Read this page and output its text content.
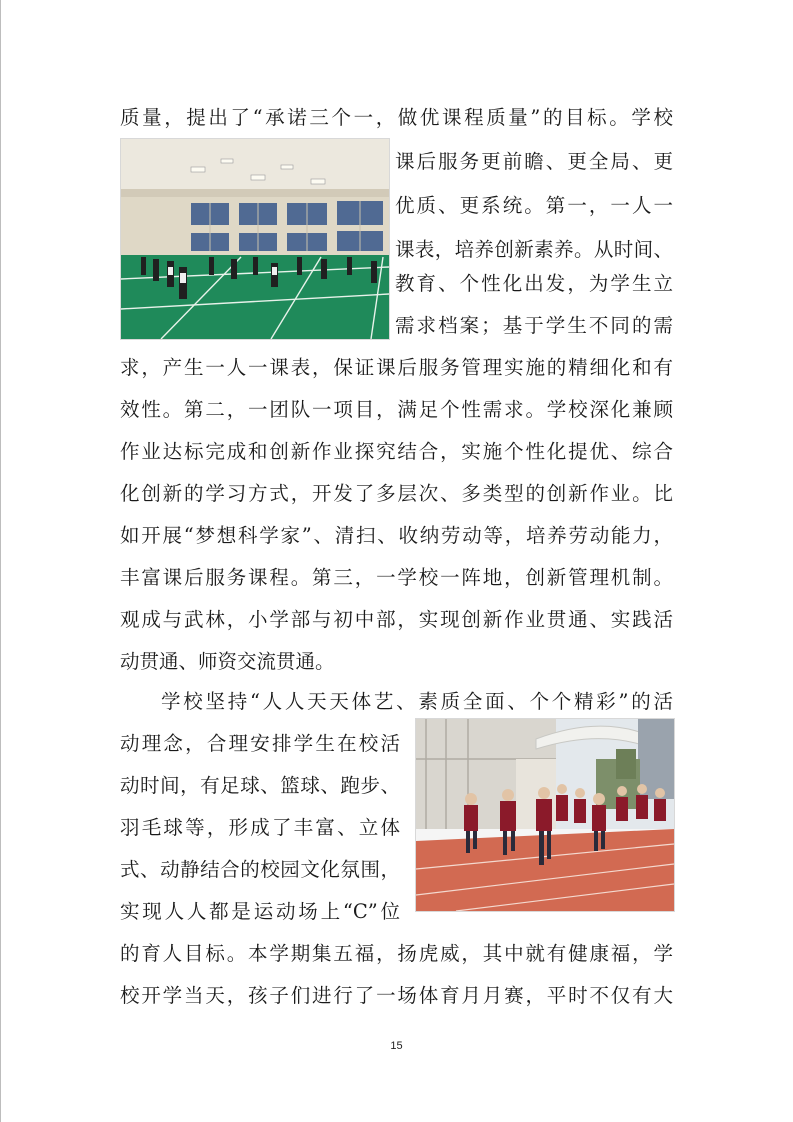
质量，提出了“承诺三个一，做优课程质量”的目标。学校
课后服务更前瞻、更全局、更
优质、更系统。第一，一人一
课表，培养创新素养。从时间、
教育、个性化出发，为学生立
需求档案；基于学生不同的需
求，产生一人一课表，保证课后服务管理实施的精细化和有
效性。第二，一团队一项目，满足个性需求。学校深化兼顾
作业达标完成和创新作业探究结合，实施个性化提优、综合
化创新的学习方式，开发了多层次、多类型的创新作业。比
如开展“梦想科学家”、清扫、收纳劳动等，培养劳动能力，
丰富课后服务课程。第三，一学校一阵地，创新管理机制。
观成与武林，小学部与初中部，实现创新作业贯通、实践活
动贯通、师资交流贯通。
学校坚持“人人天天体艺、素质全面、个个精彩”的活
动理念，合理安排学生在校活
动时间，有足球、篮球、跑步、
羽毛球等，形成了丰富、立体
式、动静结合的校园文化氛围，
实现人人都是运动场上“C”位
的育人目标。本学期集五福，扬虎威，其中就有健康福，学
校开学当天，孩子们进行了一场体育月月赛，平时不仅有大
15
